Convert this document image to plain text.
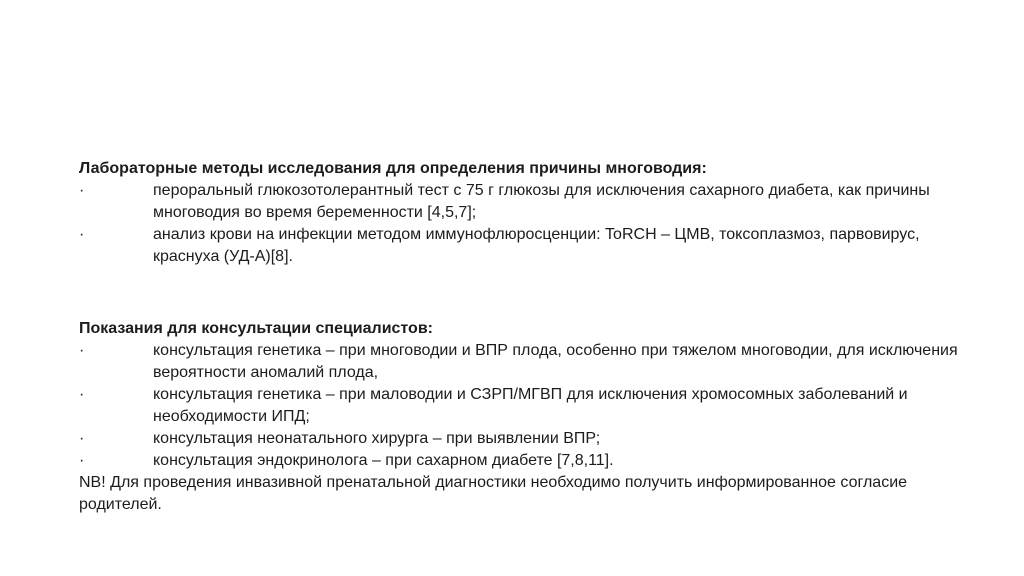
Лабораторные методы исследования для определения причины многоводия:
·	пероральный глюкозотолерантный тест с 75 г глюкозы для исключения сахарного диабета, как причины многоводия во время беременности [4,5,7];
·	анализ крови на инфекции методом иммунофлюросценции: ToRCH – ЦМВ, токсоплазмоз, парвовирус, краснуха (УД-А)[8].
Показания для консультации специалистов:
·	консультация генетика – при многоводии и ВПР плода, особенно при тяжелом многоводии, для исключения вероятности аномалий плода,
·	консультация генетика – при маловодии и СЗРП/МГВП для исключения хромосомных заболеваний и необходимости ИПД;
·	консультация неонатального хирурга – при выявлении ВПР;
·	консультация эндокринолога – при сахарном диабете [7,8,11].
NB! Для проведения инвазивной пренатальной диагностики необходимо получить информированное согласие родителей.
